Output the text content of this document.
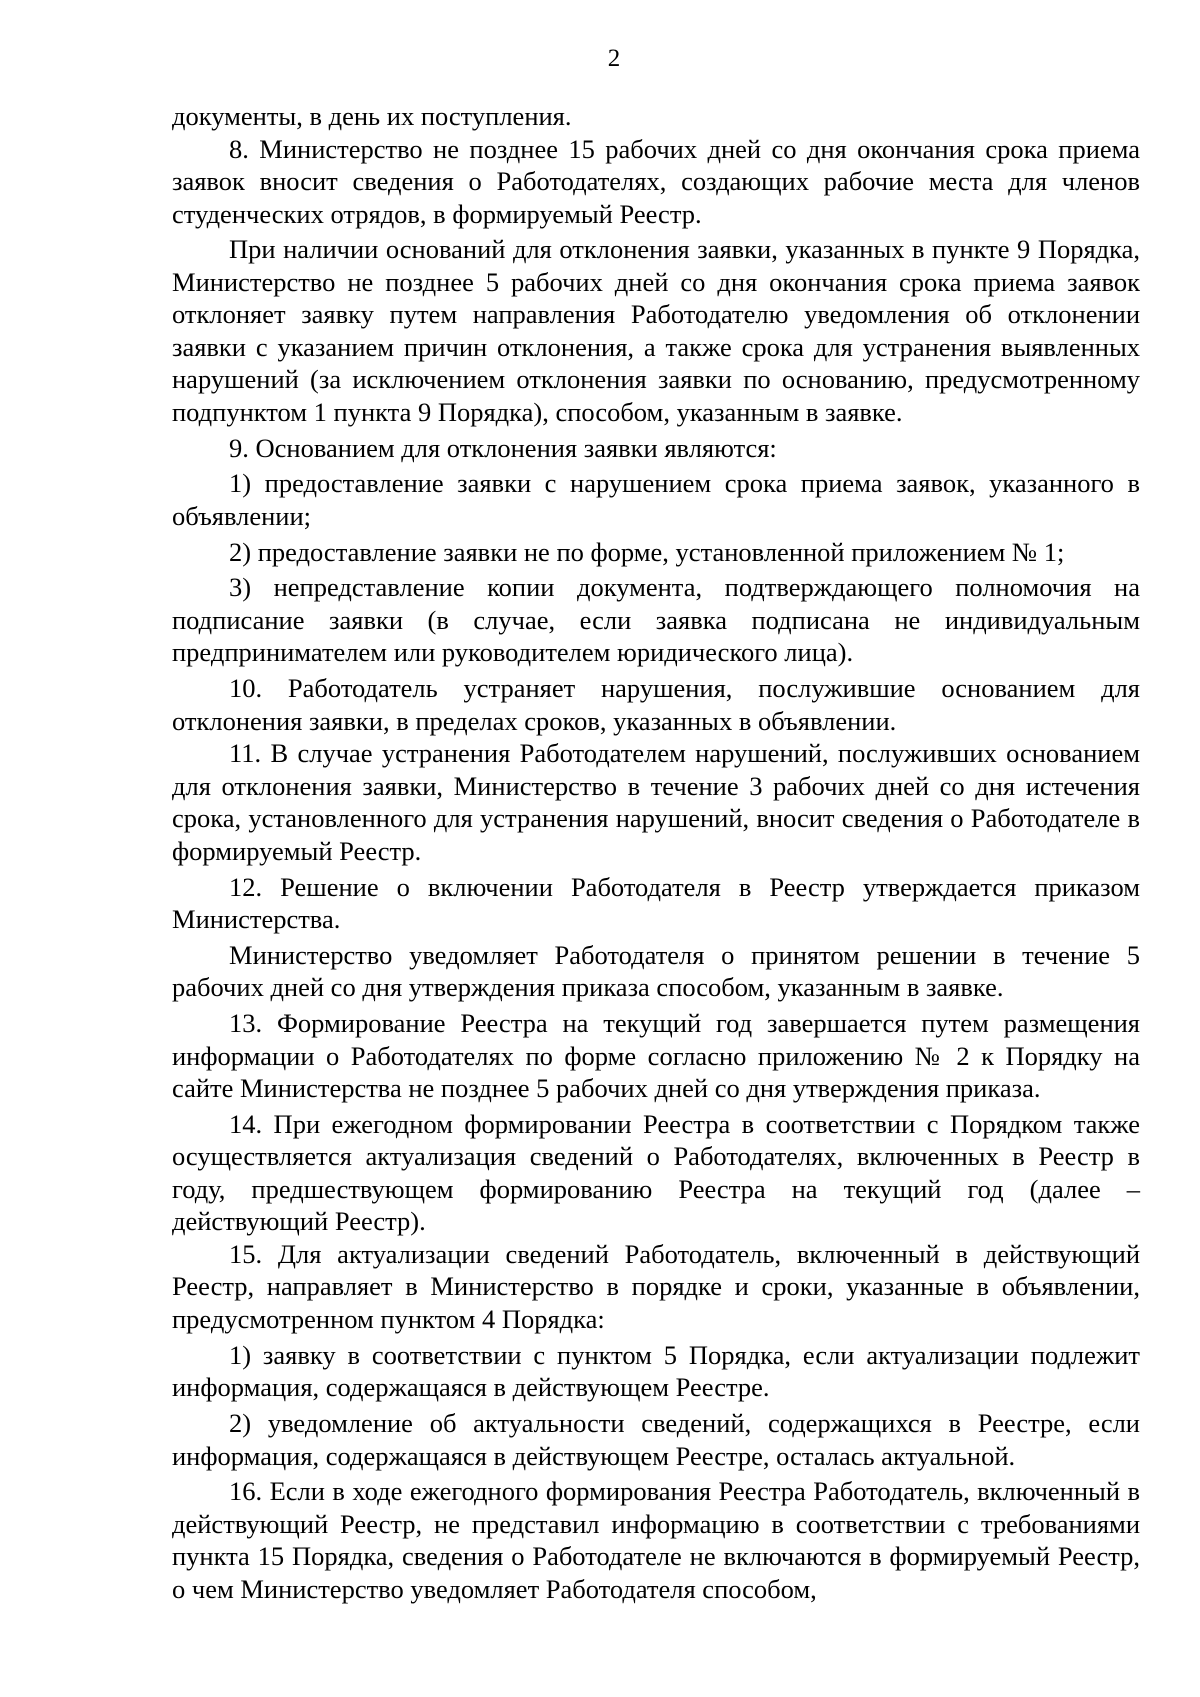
2

документы, в день их поступления.

8. Министерство не позднее 15 рабочих дней со дня окончания срока приема заявок вносит сведения о Работодателях, создающих рабочие места для членов студенческих отрядов, в формируемый Реестр.

При наличии оснований для отклонения заявки, указанных в пункте 9 Порядка, Министерство не позднее 5 рабочих дней со дня окончания срока приема заявок отклоняет заявку путем направления Работодателю уведомления об отклонении заявки с указанием причин отклонения, а также срока для устранения выявленных нарушений (за исключением отклонения заявки по основанию, предусмотренному подпунктом 1 пункта 9 Порядка), способом, указанным в заявке.

9. Основанием для отклонения заявки являются:

1) предоставление заявки с нарушением срока приема заявок, указанного в объявлении;

2) предоставление заявки не по форме, установленной приложением № 1;

3) непредставление копии документа, подтверждающего полномочия на подписание заявки (в случае, если заявка подписана не индивидуальным предпринимателем или руководителем юридического лица).

10. Работодатель устраняет нарушения, послужившие основанием для отклонения заявки, в пределах сроков, указанных в объявлении.

11. В случае устранения Работодателем нарушений, послуживших основанием для отклонения заявки, Министерство в течение 3 рабочих дней со дня истечения срока, установленного для устранения нарушений, вносит сведения о Работодателе в формируемый Реестр.

12. Решение о включении Работодателя в Реестр утверждается приказом Министерства.

Министерство уведомляет Работодателя о принятом решении в течение 5 рабочих дней со дня утверждения приказа способом, указанным в заявке.

13. Формирование Реестра на текущий год завершается путем размещения информации о Работодателях по форме согласно приложению № 2 к Порядку на сайте Министерства не позднее 5 рабочих дней со дня утверждения приказа.

14. При ежегодном формировании Реестра в соответствии с Порядком также осуществляется актуализация сведений о Работодателях, включенных в Реестр в году, предшествующем формированию Реестра на текущий год (далее – действующий Реестр).

15. Для актуализации сведений Работодатель, включенный в действующий Реестр, направляет в Министерство в порядке и сроки, указанные в объявлении, предусмотренном пунктом 4 Порядка:

1) заявку в соответствии с пунктом 5 Порядка, если актуализации подлежит информация, содержащаяся в действующем Реестре.

2) уведомление об актуальности сведений, содержащихся в Реестре, если информация, содержащаяся в действующем Реестре, осталась актуальной.

16. Если в ходе ежегодного формирования Реестра Работодатель, включенный в действующий Реестр, не представил информацию в соответствии с требованиями пункта 15 Порядка, сведения о Работодателе не включаются в формируемый Реестр, о чем Министерство уведомляет Работодателя способом,
